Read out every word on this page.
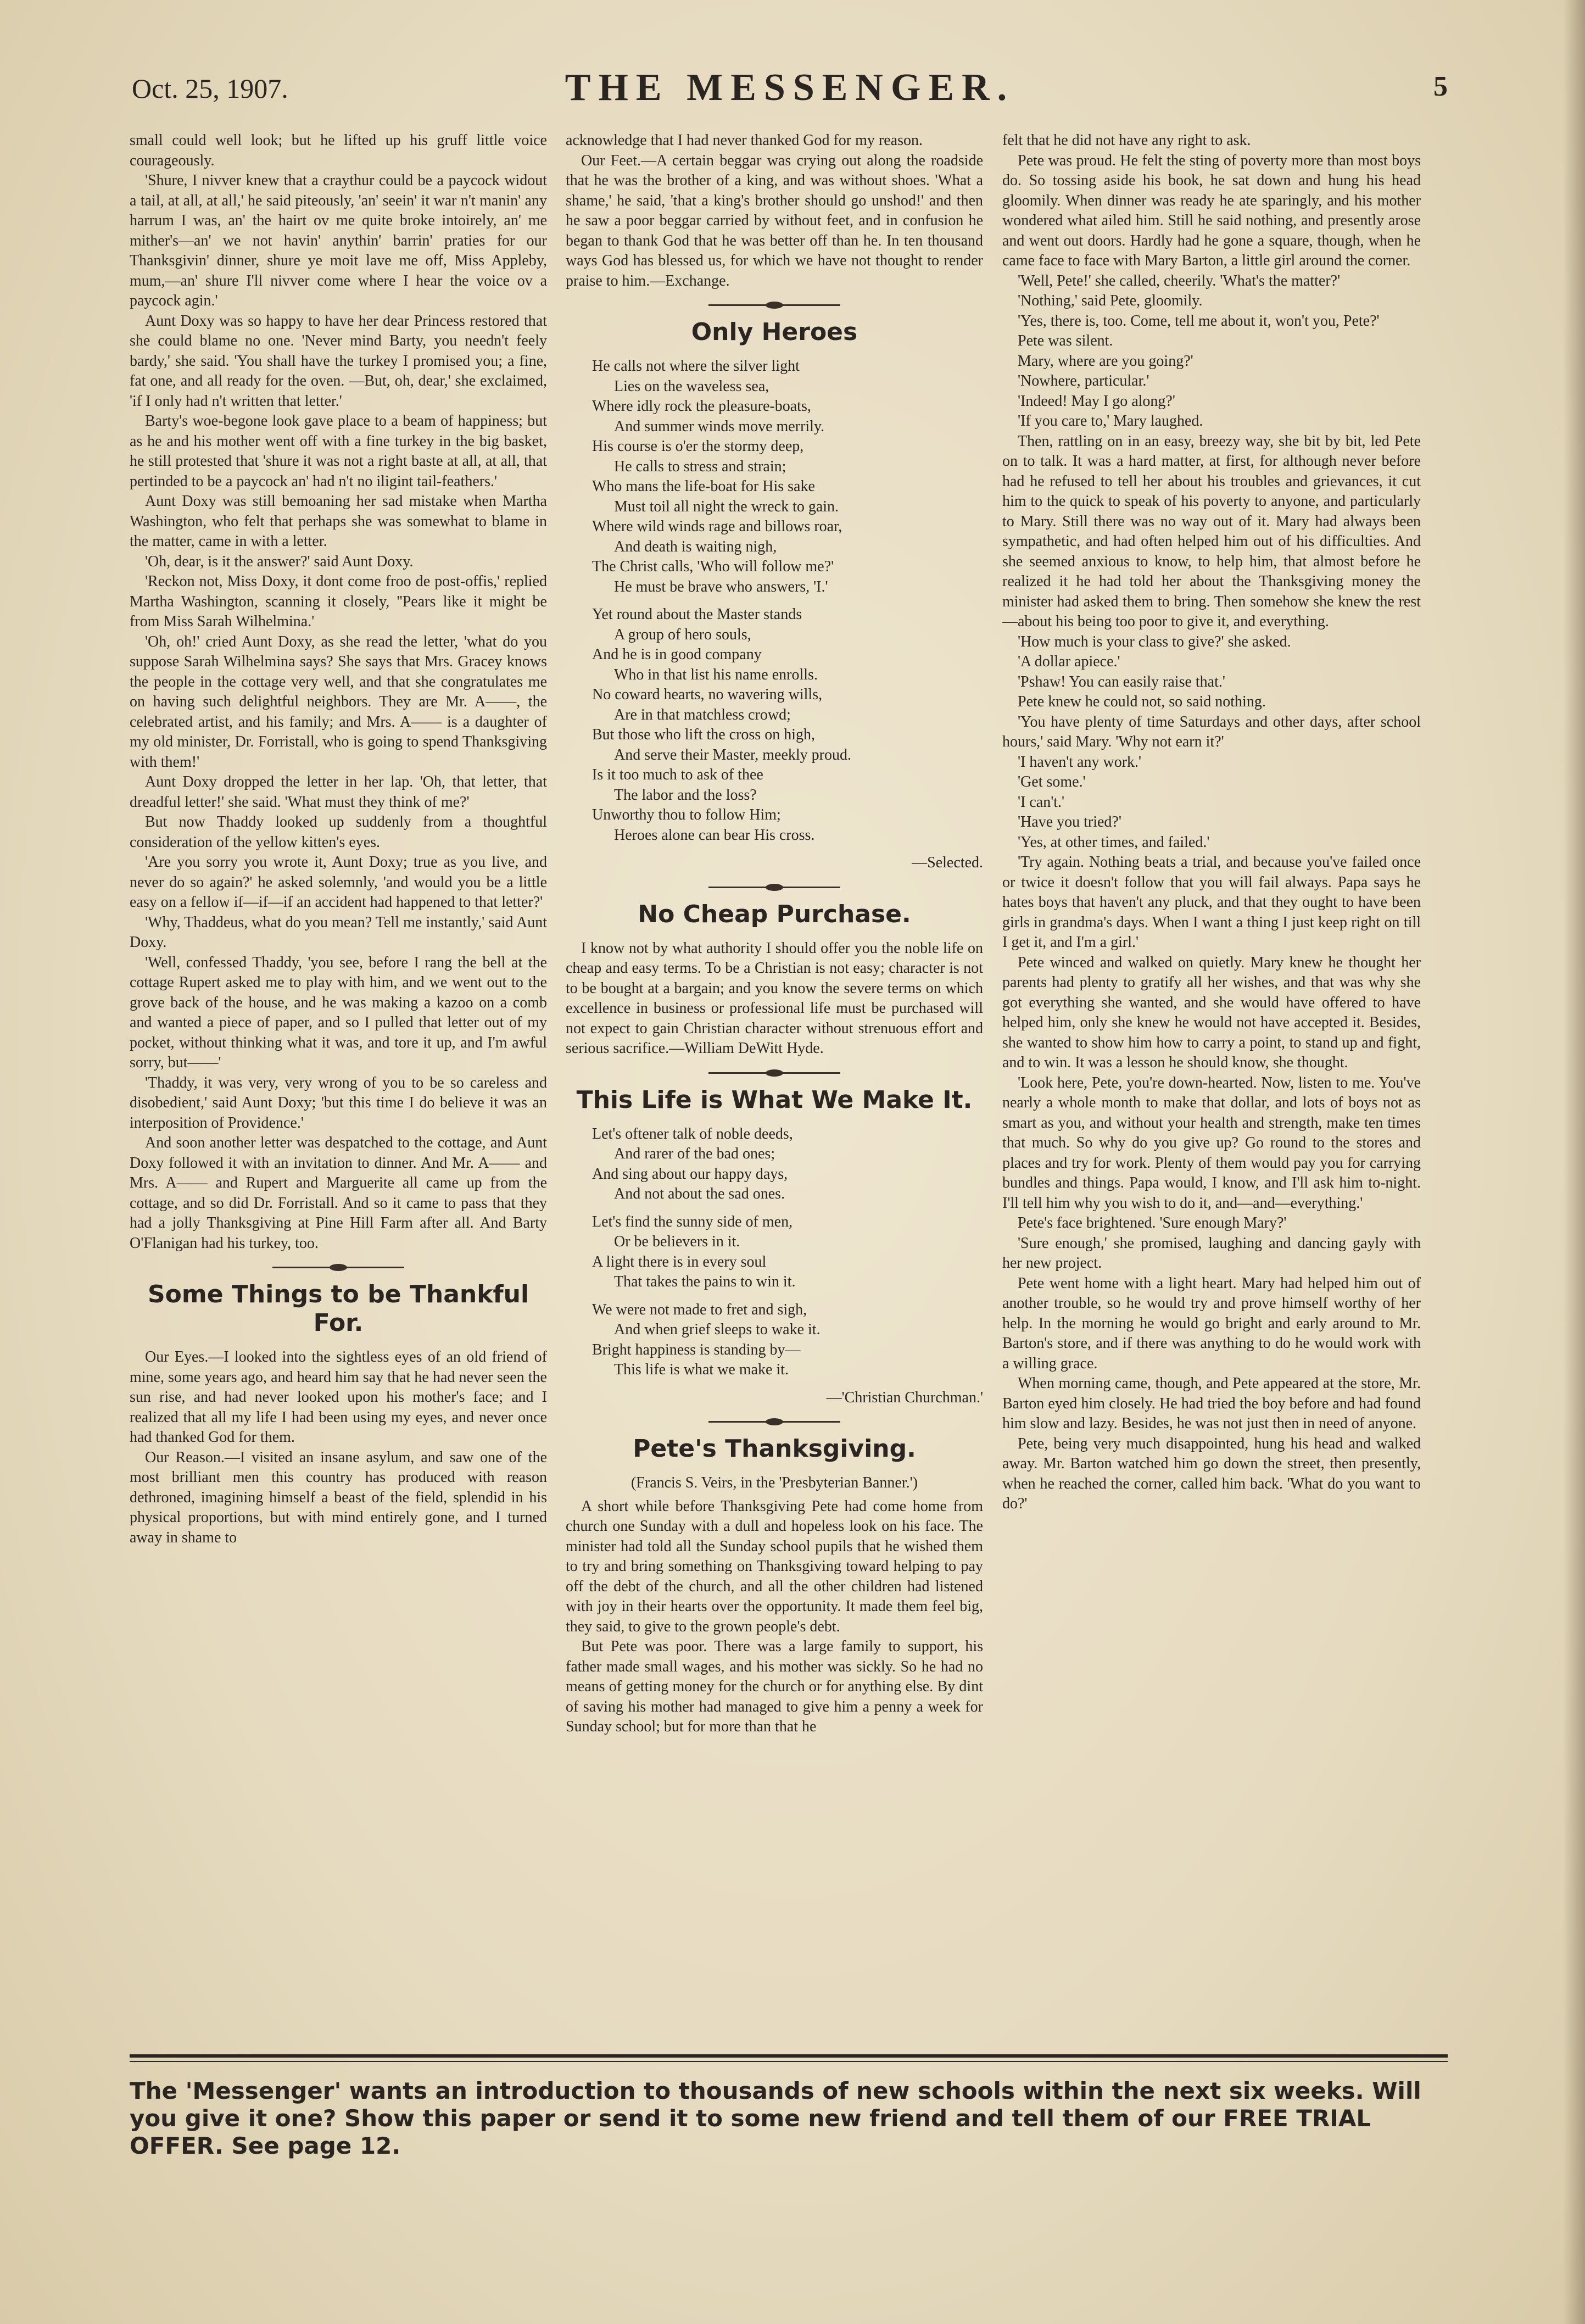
Oct. 25, 1907.	THE MESSENGER.	5

small could well look; but he lifted up his gruff little voice courageously.

'Shure, I nivver knew that a craythur could be a paycock widout a tail, at all, at all,' he said piteously, 'an' seein' it war n't manin' any harrum I was, an' the hairt ov me quite broke intoirely, an' me mither's—an' we not havin' anythin' barrin' praties for our Thanksgivin' dinner, shure ye moit lave me off, Miss Appleby, mum,—an' shure I'll nivver come where I hear the voice ov a paycock agin.'

Aunt Doxy was so happy to have her dear Princess restored that she could blame no one. 'Never mind Barty, you needn't feely bardy,' she said. 'You shall have the turkey I promised you; a fine, fat one, and all ready for the oven. —But, oh, dear,' she exclaimed, 'if I only had n't written that letter.'

Barty's woe-begone look gave place to a beam of happiness; but as he and his mother went off with a fine turkey in the big basket, he still protested that 'shure it was not a right baste at all, at all, that pertinded to be a paycock an' had n't no iligint tail-feathers.'

Aunt Doxy was still bemoaning her sad mistake when Martha Washington, who felt that perhaps she was somewhat to blame in the matter, came in with a letter.

'Oh, dear, is it the answer?' said Aunt Doxy.

'Reckon not, Miss Doxy, it dont come froo de post-offis,' replied Martha Washington, scanning it closely, ''Pears like it might be from Miss Sarah Wilhelmina.'

'Oh, oh!' cried Aunt Doxy, as she read the letter, 'what do you suppose Sarah Wilhelmina says? She says that Mrs. Gracey knows the people in the cottage very well, and that she congratulates me on having such delightful neighbors. They are Mr. A——, the celebrated artist, and his family; and Mrs. A—— is a daughter of my old minister, Dr. Forristall, who is going to spend Thanksgiving with them!'

Aunt Doxy dropped the letter in her lap. 'Oh, that letter, that dreadful letter!' she said. 'What must they think of me?'

But now Thaddy looked up suddenly from a thoughtful consideration of the yellow kitten's eyes.

'Are you sorry you wrote it, Aunt Doxy; true as you live, and never do so again?' he asked solemnly, 'and would you be a little easy on a fellow if—if—if an accident had happened to that letter?'

'Why, Thaddeus, what do you mean? Tell me instantly,' said Aunt Doxy.

'Well, confessed Thaddy, 'you see, before I rang the bell at the cottage Rupert asked me to play with him, and we went out to the grove back of the house, and he was making a kazoo on a comb and wanted a piece of paper, and so I pulled that letter out of my pocket, without thinking what it was, and tore it up, and I'm awful sorry, but——'

'Thaddy, it was very, very wrong of you to be so careless and disobedient,' said Aunt Doxy; 'but this time I do believe it was an interposition of Providence.'

And soon another letter was despatched to the cottage, and Aunt Doxy followed it with an invitation to dinner. And Mr. A—— and Mrs. A—— and Rupert and Marguerite all came up from the cottage, and so did Dr. Forristall. And so it came to pass that they had a jolly Thanksgiving at Pine Hill Farm after all. And Barty O'Flanigan had his turkey, too.

Some Things to be Thankful For.

Our Eyes.—I looked into the sightless eyes of an old friend of mine, some years ago, and heard him say that he had never seen the sun rise, and had never looked upon his mother's face; and I realized that all my life I had been using my eyes, and never once had thanked God for them.

Our Reason.—I visited an insane asylum, and saw one of the most brilliant men this country has produced with reason dethroned, imagining himself a beast of the field, splendid in his physical proportions, but with mind entirely gone, and I turned away in shame to

acknowledge that I had never thanked God for my reason.

Our Feet.—A certain beggar was crying out along the roadside that he was the brother of a king, and was without shoes. 'What a shame,' he said, 'that a king's brother should go unshod!' and then he saw a poor beggar carried by without feet, and in confusion he began to thank God that he was better off than he. In ten thousand ways God has blessed us, for which we have not thought to render praise to him.—Exchange.

Only Heroes
He calls not where the silver light
Lies on the waveless sea,
Where idly rock the pleasure-boats,
And summer winds move merrily.
His course is o'er the stormy deep,
He calls to stress and strain;
Who mans the life-boat for His sake
Must toil all night the wreck to gain.
Where wild winds rage and billows roar,
And death is waiting nigh,
The Christ calls, 'Who will follow me?'
He must be brave who answers, 'I.'
Yet round about the Master stands
A group of hero souls,
And he is in good company
Who in that list his name enrolls.
No coward hearts, no wavering wills,
Are in that matchless crowd;
But those who lift the cross on high,
And serve their Master, meekly proud.
Is it too much to ask of thee
The labor and the loss?
Unworthy thou to follow Him;
Heroes alone can bear His cross.
—Selected.
No Cheap Purchase.

I know not by what authority I should offer you the noble life on cheap and easy terms. To be a Christian is not easy; character is not to be bought at a bargain; and you know the severe terms on which excellence in business or professional life must be purchased will not expect to gain Christian character without strenuous effort and serious sacrifice.—William DeWitt Hyde.

This Life is What We Make It.
Let's oftener talk of noble deeds,
And rarer of the bad ones;
And sing about our happy days,
And not about the sad ones.
Let's find the sunny side of men,
Or be believers in it.
A light there is in every soul
That takes the pains to win it.
We were not made to fret and sigh,
And when grief sleeps to wake it.
Bright happiness is standing by—
This life is what we make it.
—'Christian Churchman.'
Pete's Thanksgiving.
(Francis S. Veirs, in the 'Presbyterian Banner.')

A short while before Thanksgiving Pete had come home from church one Sunday with a dull and hopeless look on his face. The minister had told all the Sunday school pupils that he wished them to try and bring something on Thanksgiving toward helping to pay off the debt of the church, and all the other children had listened with joy in their hearts over the opportunity. It made them feel big, they said, to give to the grown people's debt.

But Pete was poor. There was a large family to support, his father made small wages, and his mother was sickly. So he had no means of getting money for the church or for anything else. By dint of saving his mother had managed to give him a penny a week for Sunday school; but for more than that he

felt that he did not have any right to ask.

Pete was proud. He felt the sting of poverty more than most boys do. So tossing aside his book, he sat down and hung his head gloomily. When dinner was ready he ate sparingly, and his mother wondered what ailed him. Still he said nothing, and presently arose and went out doors. Hardly had he gone a square, though, when he came face to face with Mary Barton, a little girl around the corner.

'Well, Pete!' she called, cheerily. 'What's the matter?'

'Nothing,' said Pete, gloomily.

'Yes, there is, too. Come, tell me about it, won't you, Pete?'

Pete was silent.

Mary, where are you going?'

'Nowhere, particular.'

'Indeed! May I go along?'

'If you care to,' Mary laughed.

Then, rattling on in an easy, breezy way, she bit by bit, led Pete on to talk. It was a hard matter, at first, for although never before had he refused to tell her about his troubles and grievances, it cut him to the quick to speak of his poverty to anyone, and particularly to Mary. Still there was no way out of it. Mary had always been sympathetic, and had often helped him out of his difficulties. And she seemed anxious to know, to help him, that almost before he realized it he had told her about the Thanksgiving money the minister had asked them to bring. Then somehow she knew the rest—about his being too poor to give it, and everything.

'How much is your class to give?' she asked.

'A dollar apiece.'

'Pshaw! You can easily raise that.'

Pete knew he could not, so said nothing.

'You have plenty of time Saturdays and other days, after school hours,' said Mary. 'Why not earn it?'

'I haven't any work.'

'Get some.'

'I can't.'

'Have you tried?'

'Yes, at other times, and failed.'

'Try again. Nothing beats a trial, and because you've failed once or twice it doesn't follow that you will fail always. Papa says he hates boys that haven't any pluck, and that they ought to have been girls in grandma's days. When I want a thing I just keep right on till I get it, and I'm a girl.'

Pete winced and walked on quietly. Mary knew he thought her parents had plenty to gratify all her wishes, and that was why she got everything she wanted, and she would have offered to have helped him, only she knew he would not have accepted it. Besides, she wanted to show him how to carry a point, to stand up and fight, and to win. It was a lesson he should know, she thought.

'Look here, Pete, you're down-hearted. Now, listen to me. You've nearly a whole month to make that dollar, and lots of boys not as smart as you, and without your health and strength, make ten times that much. So why do you give up? Go round to the stores and places and try for work. Plenty of them would pay you for carrying bundles and things. Papa would, I know, and I'll ask him to-night. I'll tell him why you wish to do it, and—and—everything.'

Pete's face brightened. 'Sure enough Mary?'

'Sure enough,' she promised, laughing and dancing gayly with her new project.

Pete went home with a light heart. Mary had helped him out of another trouble, so he would try and prove himself worthy of her help. In the morning he would go bright and early around to Mr. Barton's store, and if there was anything to do he would work with a willing grace.

When morning came, though, and Pete appeared at the store, Mr. Barton eyed him closely. He had tried the boy before and had found him slow and lazy. Besides, he was not just then in need of anyone.

Pete, being very much disappointed, hung his head and walked away. Mr. Barton watched him go down the street, then presently, when he reached the corner, called him back. 'What do you want to do?'

The 'Messenger' wants an introduction to thousands of new schools within the next six weeks. Will you give it one? Show this paper or send it to some new friend and tell them of our FREE TRIAL OFFER. See page 12.
